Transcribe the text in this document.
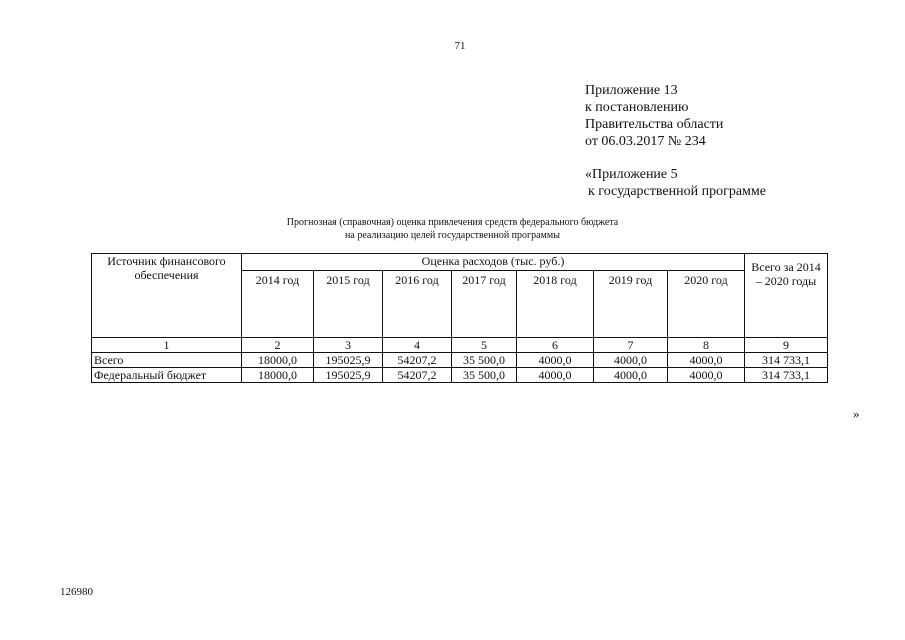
71
Приложение 13
к постановлению
Правительства области
от 06.03.2017 № 234
«Приложение 5
к государственной программе
Прогнозная (справочная) оценка привлечения средств федерального бюджета
на реализацию целей государственной программы
Источник финансового обеспечения	Оценка расходов (тыс. руб.)							Всего за 2014 – 2020 годы
	2014 год	2015 год	2016 год	2017 год	2018 год	2019 год	2020 год	
1	2	3	4	5	6	7	8	9
Всего	18000,0	195025,9	54207,2	35 500,0	4000,0	4000,0	4000,0	314 733,1
Федеральный бюджет	18000,0	195025,9	54207,2	35 500,0	4000,0	4000,0	4000,0	314 733,1
»
126980
